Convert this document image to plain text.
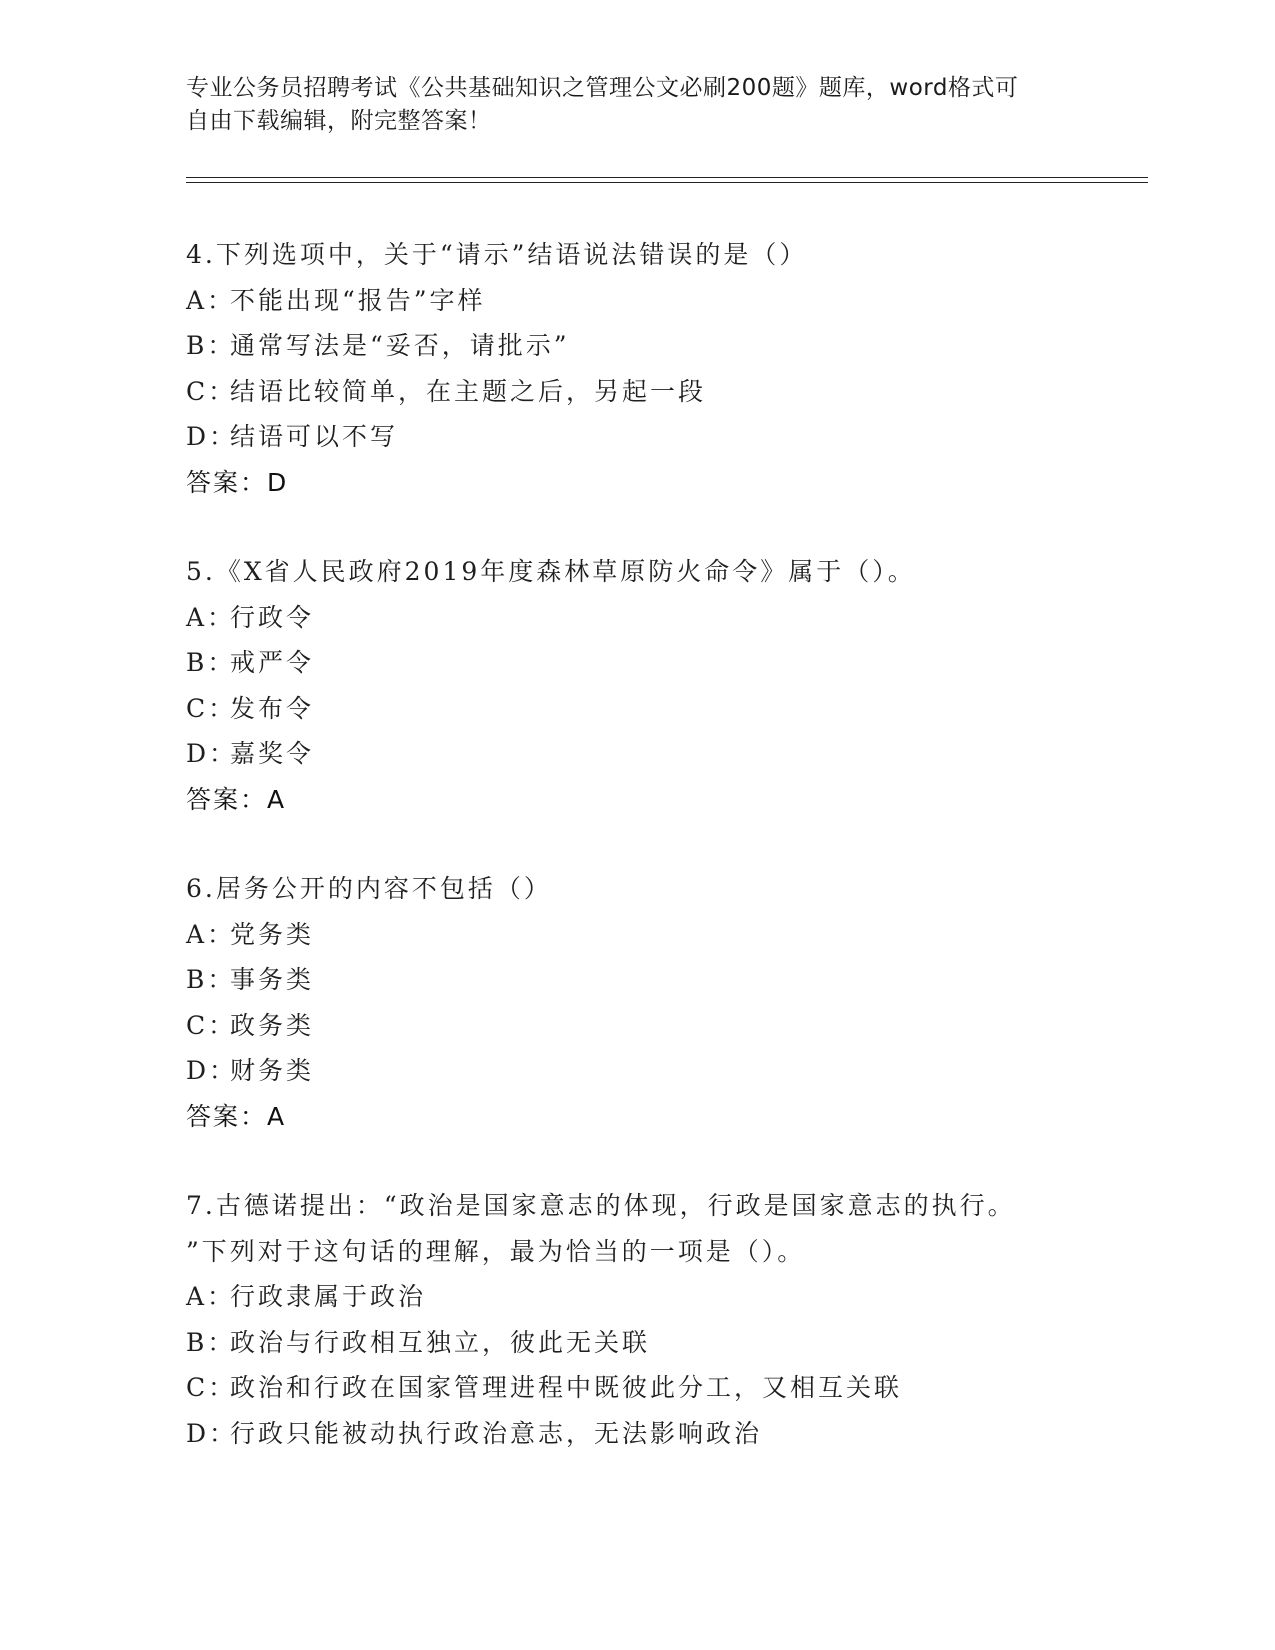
专业公务员招聘考试《公共基础知识之管理公文必刷200题》题库，word格式可
自由下载编辑，附完整答案！
4.下列选项中，关于“请示”结语说法错误的是（）
A：不能出现“报告”字样
B：通常写法是“妥否，请批示”
C：结语比较简单，在主题之后，另起一段
D：结语可以不写
答案：D
5.《X省人民政府2019年度森林草原防火命令》属于（）。
A：行政令
B：戒严令
C：发布令
D：嘉奖令
答案：A
6.居务公开的内容不包括（）
A：党务类
B：事务类
C：政务类
D：财务类
答案：A
7.古德诺提出：“政治是国家意志的体现，行政是国家意志的执行。
”下列对于这句话的理解，最为恰当的一项是（）。
A：行政隶属于政治
B：政治与行政相互独立，彼此无关联
C：政治和行政在国家管理进程中既彼此分工，又相互关联
D：行政只能被动执行政治意志，无法影响政治
